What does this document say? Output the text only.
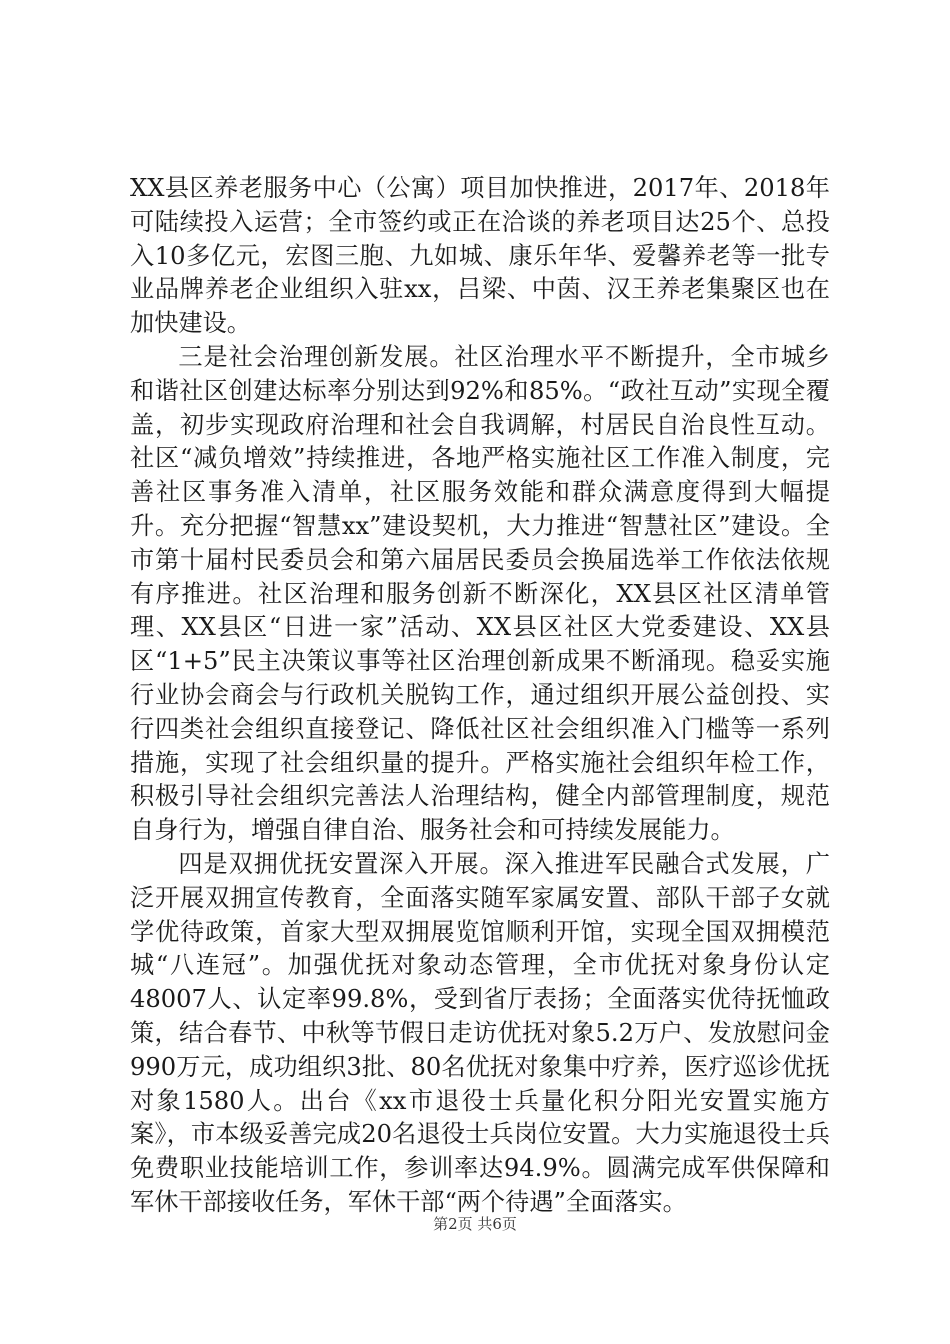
XX县区养老服务中心（公寓）项目加快推进，2017年、2018年可陆续投入运营；全市签约或正在洽谈的养老项目达25个、总投入10多亿元，宏图三胞、九如城、康乐年华、爱馨养老等一批专业品牌养老企业组织入驻xx，吕梁、中茵、汉王养老集聚区也在加快建设。

三是社会治理创新发展。社区治理水平不断提升，全市城乡和谐社区创建达标率分别达到92%和85%。“政社互动”实现全覆盖，初步实现政府治理和社会自我调解，村居民自治良性互动。社区“减负增效”持续推进，各地严格实施社区工作准入制度，完善社区事务准入清单，社区服务效能和群众满意度得到大幅提升。充分把握“智慧xx”建设契机，大力推进“智慧社区”建设。全市第十届村民委员会和第六届居民委员会换届选举工作依法依规有序推进。社区治理和服务创新不断深化，XX县区社区清单管理、XX县区“日进一家”活动、XX县区社区大党委建设、XX县区“1+5”民主决策议事等社区治理创新成果不断涌现。稳妥实施行业协会商会与行政机关脱钩工作，通过组织开展公益创投、实行四类社会组织直接登记、降低社区社会组织准入门槛等一系列措施，实现了社会组织量的提升。严格实施社会组织年检工作，积极引导社会组织完善法人治理结构，健全内部管理制度，规范自身行为，增强自律自治、服务社会和可持续发展能力。

四是双拥优抚安置深入开展。深入推进军民融合式发展，广泛开展双拥宣传教育，全面落实随军家属安置、部队干部子女就学优待政策，首家大型双拥展览馆顺利开馆，实现全国双拥模范城“八连冠”。加强优抚对象动态管理，全市优抚对象身份认定48007人、认定率99.8%，受到省厅表扬；全面落实优待抚恤政策，结合春节、中秋等节假日走访优抚对象5.2万户、发放慰问金990万元，成功组织3批、80名优抚对象集中疗养，医疗巡诊优抚对象1580人。出台《xx市退役士兵量化积分阳光安置实施方案》，市本级妥善完成20名退役士兵岗位安置。大力实施退役士兵免费职业技能培训工作，参训率达94.9%。圆满完成军供保障和军休干部接收任务，军休干部“两个待遇”全面落实。

第2页 共6页
